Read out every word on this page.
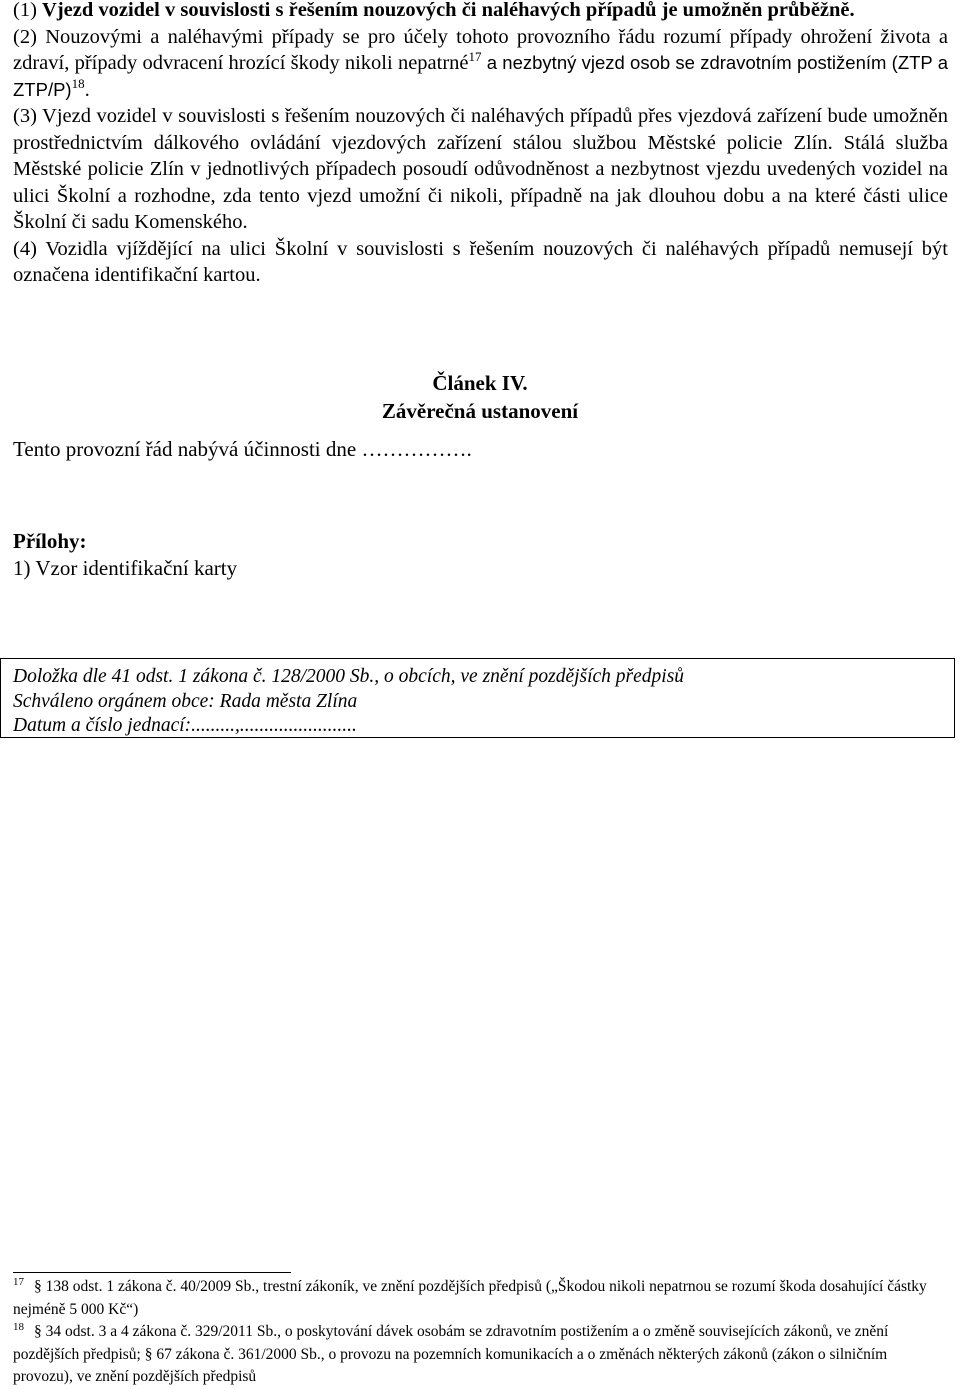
(1) Vjezd vozidel v souvislosti s řešením nouzových či naléhavých případů je umožněn průběžně.

(2) Nouzovými a naléhavými případy se pro účely tohoto provozního řádu rozumí případy ohrožení života a zdraví, případy odvracení hrozící škody nikoli nepatrné$^{17}$ a nezbytný vjezd osob se zdravotním postižením (ZTP a ZTP/P)$^{18}$.

(3) Vjezd vozidel v souvislosti s řešením nouzových či naléhavých případů přes vjezdová zařízení bude umožněn prostřednictvím dálkového ovládání vjezdových zařízení stálou službou Městské policie Zlín. Stálá služba Městské policie Zlín v jednotlivých případech posoudí odůvodněnost a nezbytnost vjezdu uvedených vozidel na ulici Školní a rozhodne, zda tento vjezd umožní či nikoli, případně na jak dlouhou dobu a na které části ulice Školní či sadu Komenského.

(4) Vozidla vjíždějící na ulici Školní v souvislosti s řešením nouzových či naléhavých případů nemusejí být označena identifikační kartou.

Článek IV.
Závěrečná ustanovení

Tento provozní řád nabývá účinnosti dne …………….

Přílohy:

1) Vzor identifikační karty

Doložka dle 41 odst. 1 zákona č. 128/2000 Sb., o obcích, ve znění pozdějších předpisů
Schváleno orgánem obce: Rada města Zlína
Datum a číslo jednací:.........,........................

$^{17}$ § 138 odst. 1 zákona č. 40/2009 Sb., trestní zákoník, ve znění pozdějších předpisů („Škodou nikoli nepatrnou se rozumí škoda dosahující částky nejméně 5 000 Kč“)

$^{18}$ § 34 odst. 3 a 4 zákona č. 329/2011 Sb., o poskytování dávek osobám se zdravotním postižením a o změně souvisejících zákonů, ve znění pozdějších předpisů; § 67 zákona č. 361/2000 Sb., o provozu na pozemních komunikacích a o změnách některých zákonů (zákon o silničním provozu), ve znění pozdějších předpisů
